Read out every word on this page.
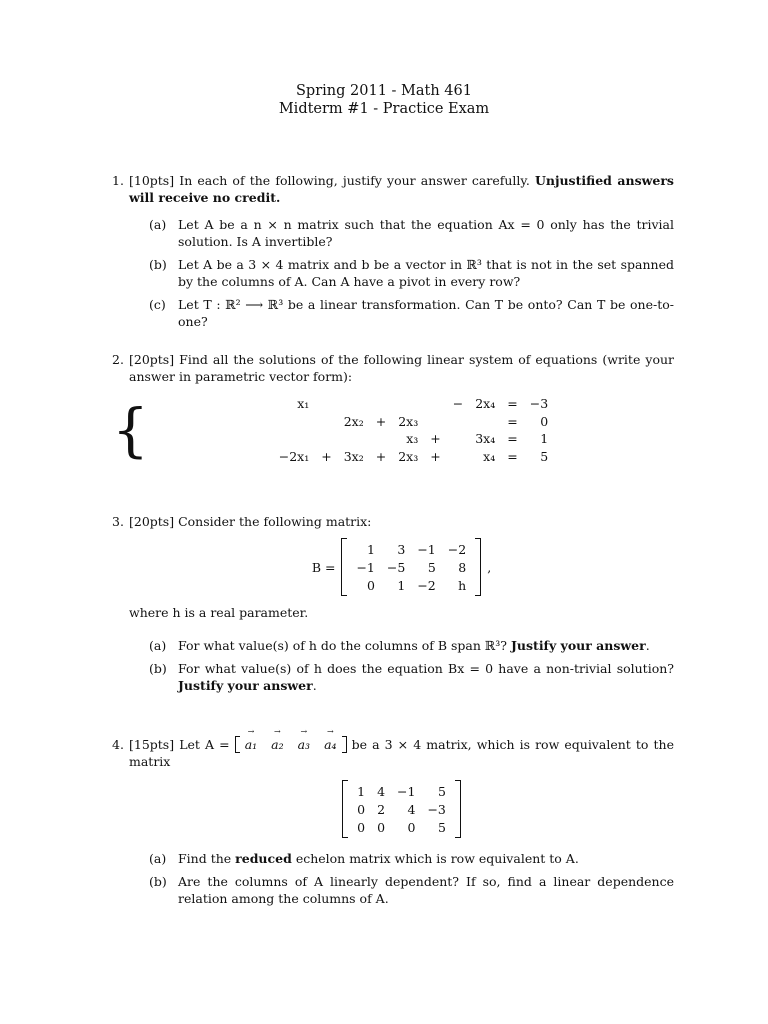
Spring 2011 - Math 461
Midterm #1 - Practice Exam
1. [10pts] In each of the following, justify your answer carefully. Unjustified answers will receive no credit.
(a) Let A be a n × n matrix such that the equation Ax = 0 only has the trivial solution. Is A invertible?
(b) Let A be a 3 × 4 matrix and b be a vector in ℝ³ that is not in the set spanned by the columns of A. Can A have a pivot in every row?
(c) Let T : ℝ² ⟶ ℝ³ be a linear transformation. Can T be onto? Can T be one-to-one?
2. [20pts] Find all the solutions of the following linear system of equations (write your answer in parametric vector form):
{	x₁						−	2x₄	=	−3
		2x₂	+	2x₃				=	0
				x₃	+		3x₄	=	1
−2x₁	+	3x₂	+	2x₃	+		x₄	=	5
3. [20pts] Consider the following matrix:
B =
1	3	−1	−2
−1	−5	5	8
0	1	−2	h
,
where h is a real parameter.
(a) For what value(s) of h do the columns of B span ℝ³? Justify your answer.
(b) For what value(s) of h does the equation Bx = 0 have a non-trivial solution? Justify your answer.
4. [15pts] Let A = a₁ → a₂ → a₃ → a₄ → be a 3 × 4 matrix, which is row equivalent to the matrix
1	4	−1	5
0	2	4	−3
0	0	0	5
(a) Find the reduced echelon matrix which is row equivalent to A.
(b) Are the columns of A linearly dependent? If so, find a linear dependence relation among the columns of A.
